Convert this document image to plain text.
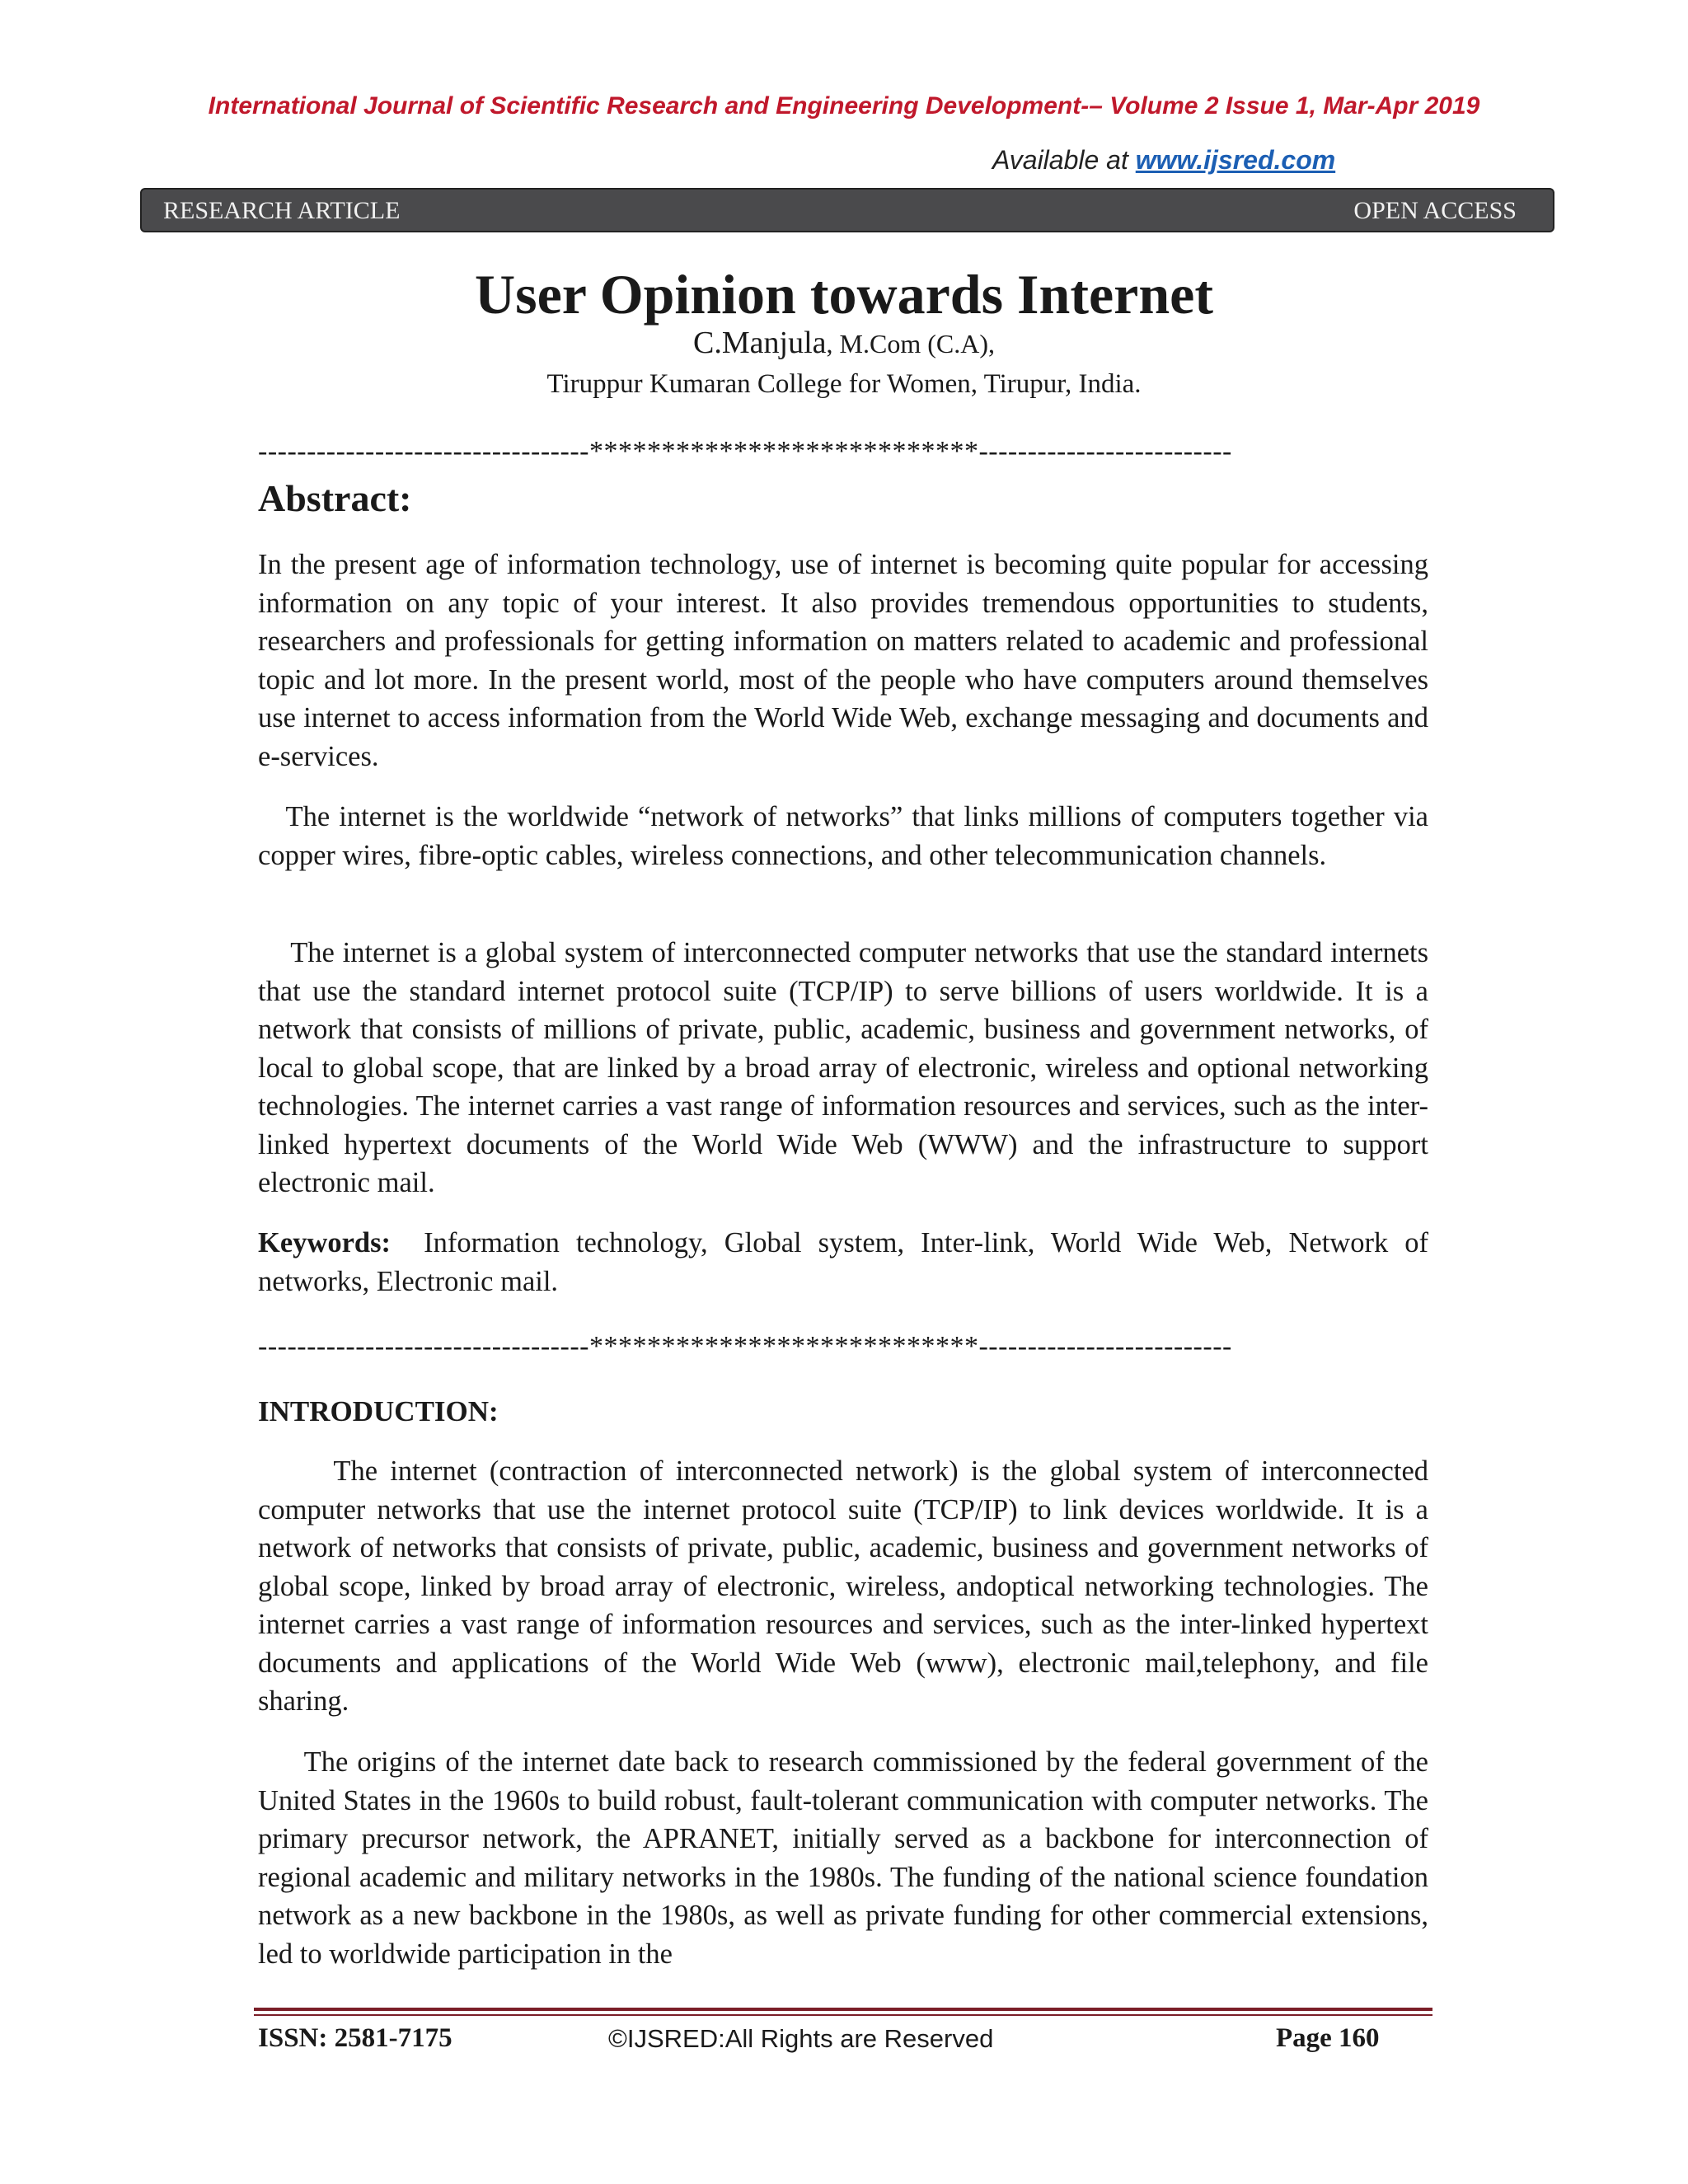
International Journal of Scientific Research and Engineering Development-– Volume 2 Issue 1, Mar-Apr 2019
Available at www.ijsred.com
RESEARCH ARTICLE	OPEN ACCESS
User Opinion towards Internet
C.Manjula, M.Com (C.A),
Tiruppur Kumaran College for Women, Tirupur, India.
----------------------------------***************************--------------------------
Abstract:

In the present age of information technology, use of internet is becoming quite popular for accessing information on any topic of your interest. It also provides tremendous opportunities to students, researchers and professionals for getting information on matters related to academic and professional topic and lot more. In the present world, most of the people who have computers around themselves use internet to access information from the World Wide Web, exchange messaging and documents and e-services.

The internet is the worldwide “network of networks” that links millions of computers together via copper wires, fibre-optic cables, wireless connections, and other telecommunication channels.

The internet is a global system of interconnected computer networks that use the standard internets that use the standard internet protocol suite (TCP/IP) to serve billions of users worldwide. It is a network that consists of millions of private, public, academic, business and government networks, of local to global scope, that are linked by a broad array of electronic, wireless and optional networking technologies. The internet carries a vast range of information resources and services, such as the inter-linked hypertext documents of the World Wide Web (WWW) and the infrastructure to support electronic mail.

Keywords: Information technology, Global system, Inter-link, World Wide Web, Network of networks, Electronic mail.

----------------------------------***************************--------------------------
INTRODUCTION:

The internet (contraction of interconnected network) is the global system of interconnected computer networks that use the internet protocol suite (TCP/IP) to link devices worldwide. It is a network of networks that consists of private, public, academic, business and government networks of global scope, linked by broad array of electronic, wireless, andoptical networking technologies. The internet carries a vast range of information resources and services, such as the inter-linked hypertext documents and applications of the World Wide Web (www), electronic mail,telephony, and file sharing.

The origins of the internet date back to research commissioned by the federal government of the United States in the 1960s to build robust, fault-tolerant communication with computer networks. The primary precursor network, the APRANET, initially served as a backbone for interconnection of regional academic and military networks in the 1980s. The funding of the national science foundation network as a new backbone in the 1980s, as well as private funding for other commercial extensions, led to worldwide participation in the

ISSN: 2581-7175	©IJSRED:All Rights are Reserved	Page 160
